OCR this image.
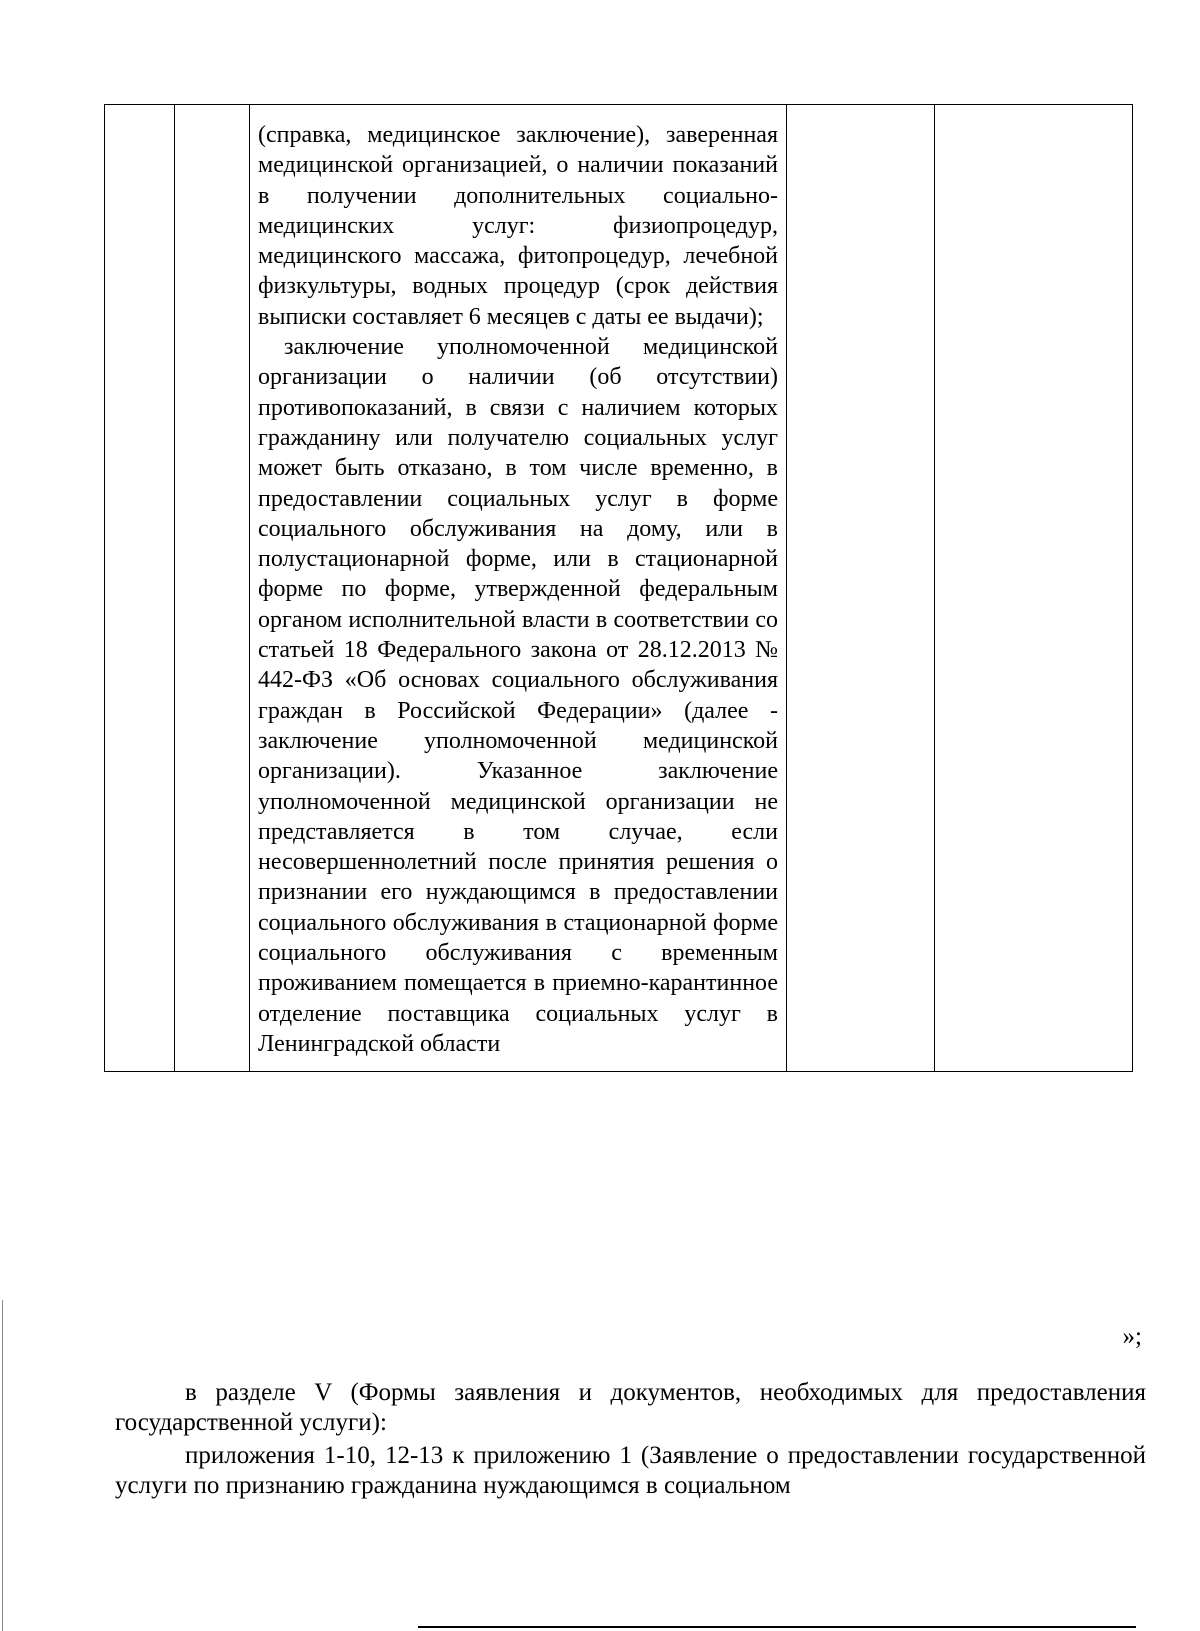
(справка, медицинское заключение), заверенная медицинской организацией, о наличии показаний в получении дополнительных социально-медицинских услуг: физиопроцедур, медицинского массажа, фитопроцедур, лечебной физкультуры, водных процедур (срок действия выписки составляет 6 месяцев с даты ее выдачи);

заключение уполномоченной медицинской организации о наличии (об отсутствии) противопоказаний, в связи с наличием которых гражданину или получателю социальных услуг может быть отказано, в том числе временно, в предоставлении социальных услуг в форме социального обслуживания на дому, или в полустационарной форме, или в стационарной форме по форме, утвержденной федеральным органом исполнительной власти в соответствии со статьей 18 Федерального закона от 28.12.2013 № 442-ФЗ «Об основах социального обслуживания граждан в Российской Федерации» (далее - заключение уполномоченной медицинской организации). Указанное заключение уполномоченной медицинской организации не представляется в том случае, если несовершеннолетний после принятия решения о признании его нуждающимся в предоставлении социального обслуживания в стационарной форме социального обслуживания с временным проживанием помещается в приемно-карантинное отделение поставщика социальных услуг в Ленинградской области

»;

в разделе V (Формы заявления и документов, необходимых для предоставления государственной услуги):

приложения 1-10, 12-13 к приложению 1 (Заявление о предоставлении государственной услуги по признанию гражданина нуждающимся в социальном
